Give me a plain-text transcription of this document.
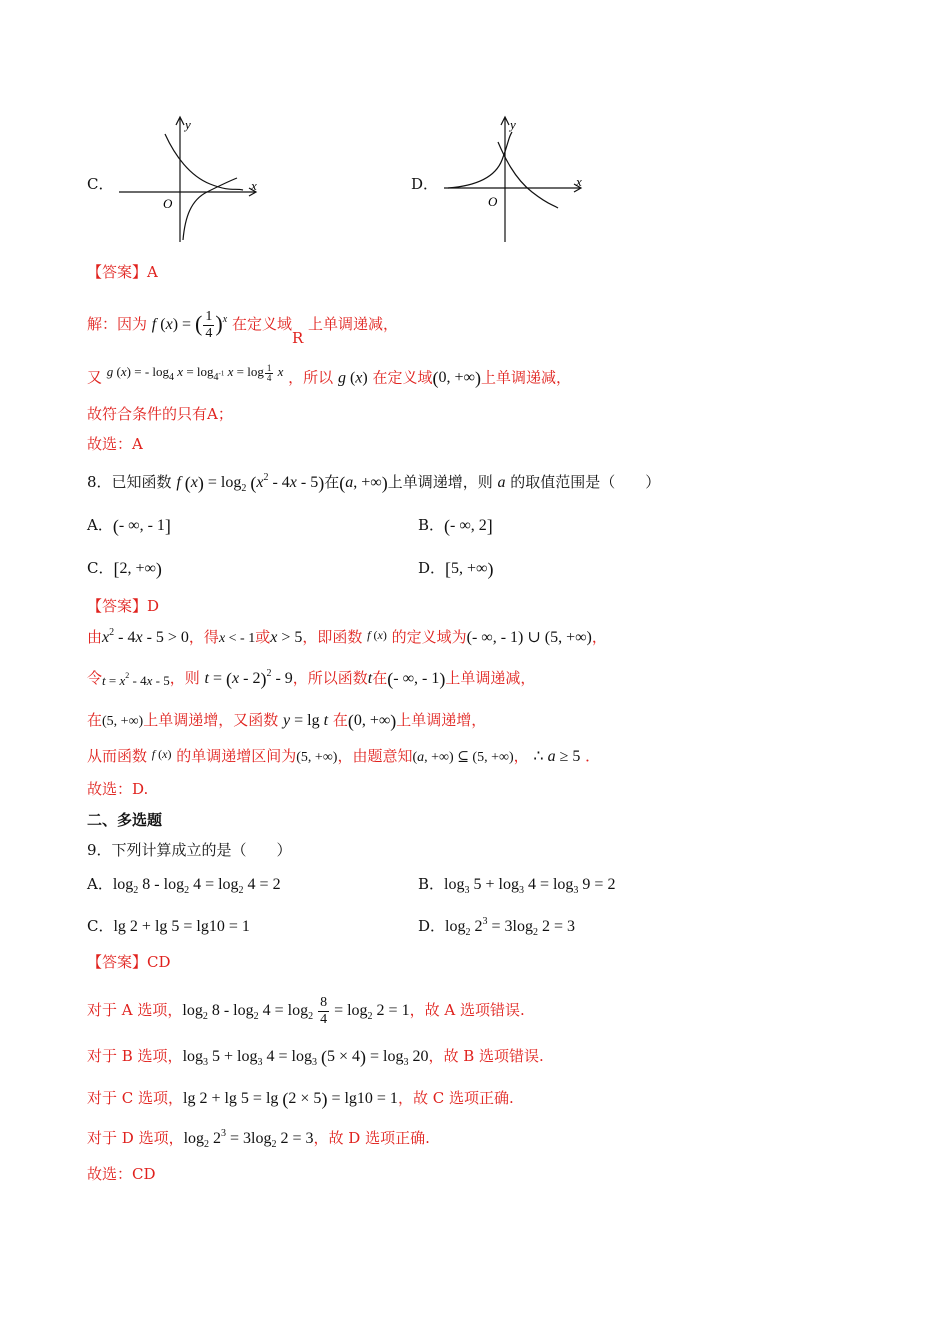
C．	x
y
O
D．	x
y
O
【答案】A
解：因为 f (x) = ( $\frac{1}{4} )^x$ 在定义域R 上单调递减，
又 g (x) = - $\log_4 x = \log_{4^{-1}} x = \log \frac{1}{4}$ x ，所以 g (x) 在定义域(0, +∞)上单调递减，
故符合条件的只有A；
故选：A
8．已知函数 f $(x) = \log_2 (x^2 - 4x - 5)$在(a, +∞)上单调递增，则 a 的取值范围是（　　）
A．(- ∞, - 1]	B．(- ∞, 2]
C．[2, +∞)	D．[5, +∞)
【答案】D
由$x^2 - 4x - 5 > 0$，得x < - 1或x > 5，即函数 $^{f (x)}$ 的定义域为(- ∞, - 1) ∪ (5, +∞)，
令$t = x^2 - 4x - 5$，则 t = (x - 2)$^2$ - 9，所以函数t在(- ∞, - 1)上单调递减，
在(5, +∞)上单调递增，又函数 y = lg t 在(0, +∞)上单调递增，
从而函数 $^{f (x)}$ 的单调递增区间为(5, +∞)，由题意知(a, +∞) ⊆ (5, +∞)， ∴ a ≥ 5 ．
故选：D.
二、多选题
9．下列计算成立的是（　　）
A．$\log_2 8 - \log_2 4 = \log_2 4 = 2$	B．$\log_3 5 + \log_3 4 = \log_3 9 = 2$
C．lg 2 + lg 5 = lg10 = 1	D．$\log_2 2^3 = 3\log_2$ 2 = 3
【答案】CD
对于 A 选项，$\log_2 8 - \log_2 4 = \log_2 \frac{8}{4} = \log_2 2 = 1$，故 A 选项错误.
对于 B 选项，$\log_3 5 + \log_3 4 = \log_3 (5 \times 4) = \log_3 20$，故 B 选项错误.
对于 C 选项，lg 2 + lg 5 = lg (2 × 5) = lg10 = 1，故 C 选项正确.
对于 D 选项，$\log_2 2^3 = 3\log_2$ 2 = 3，故 D 选项正确.
故选：CD
